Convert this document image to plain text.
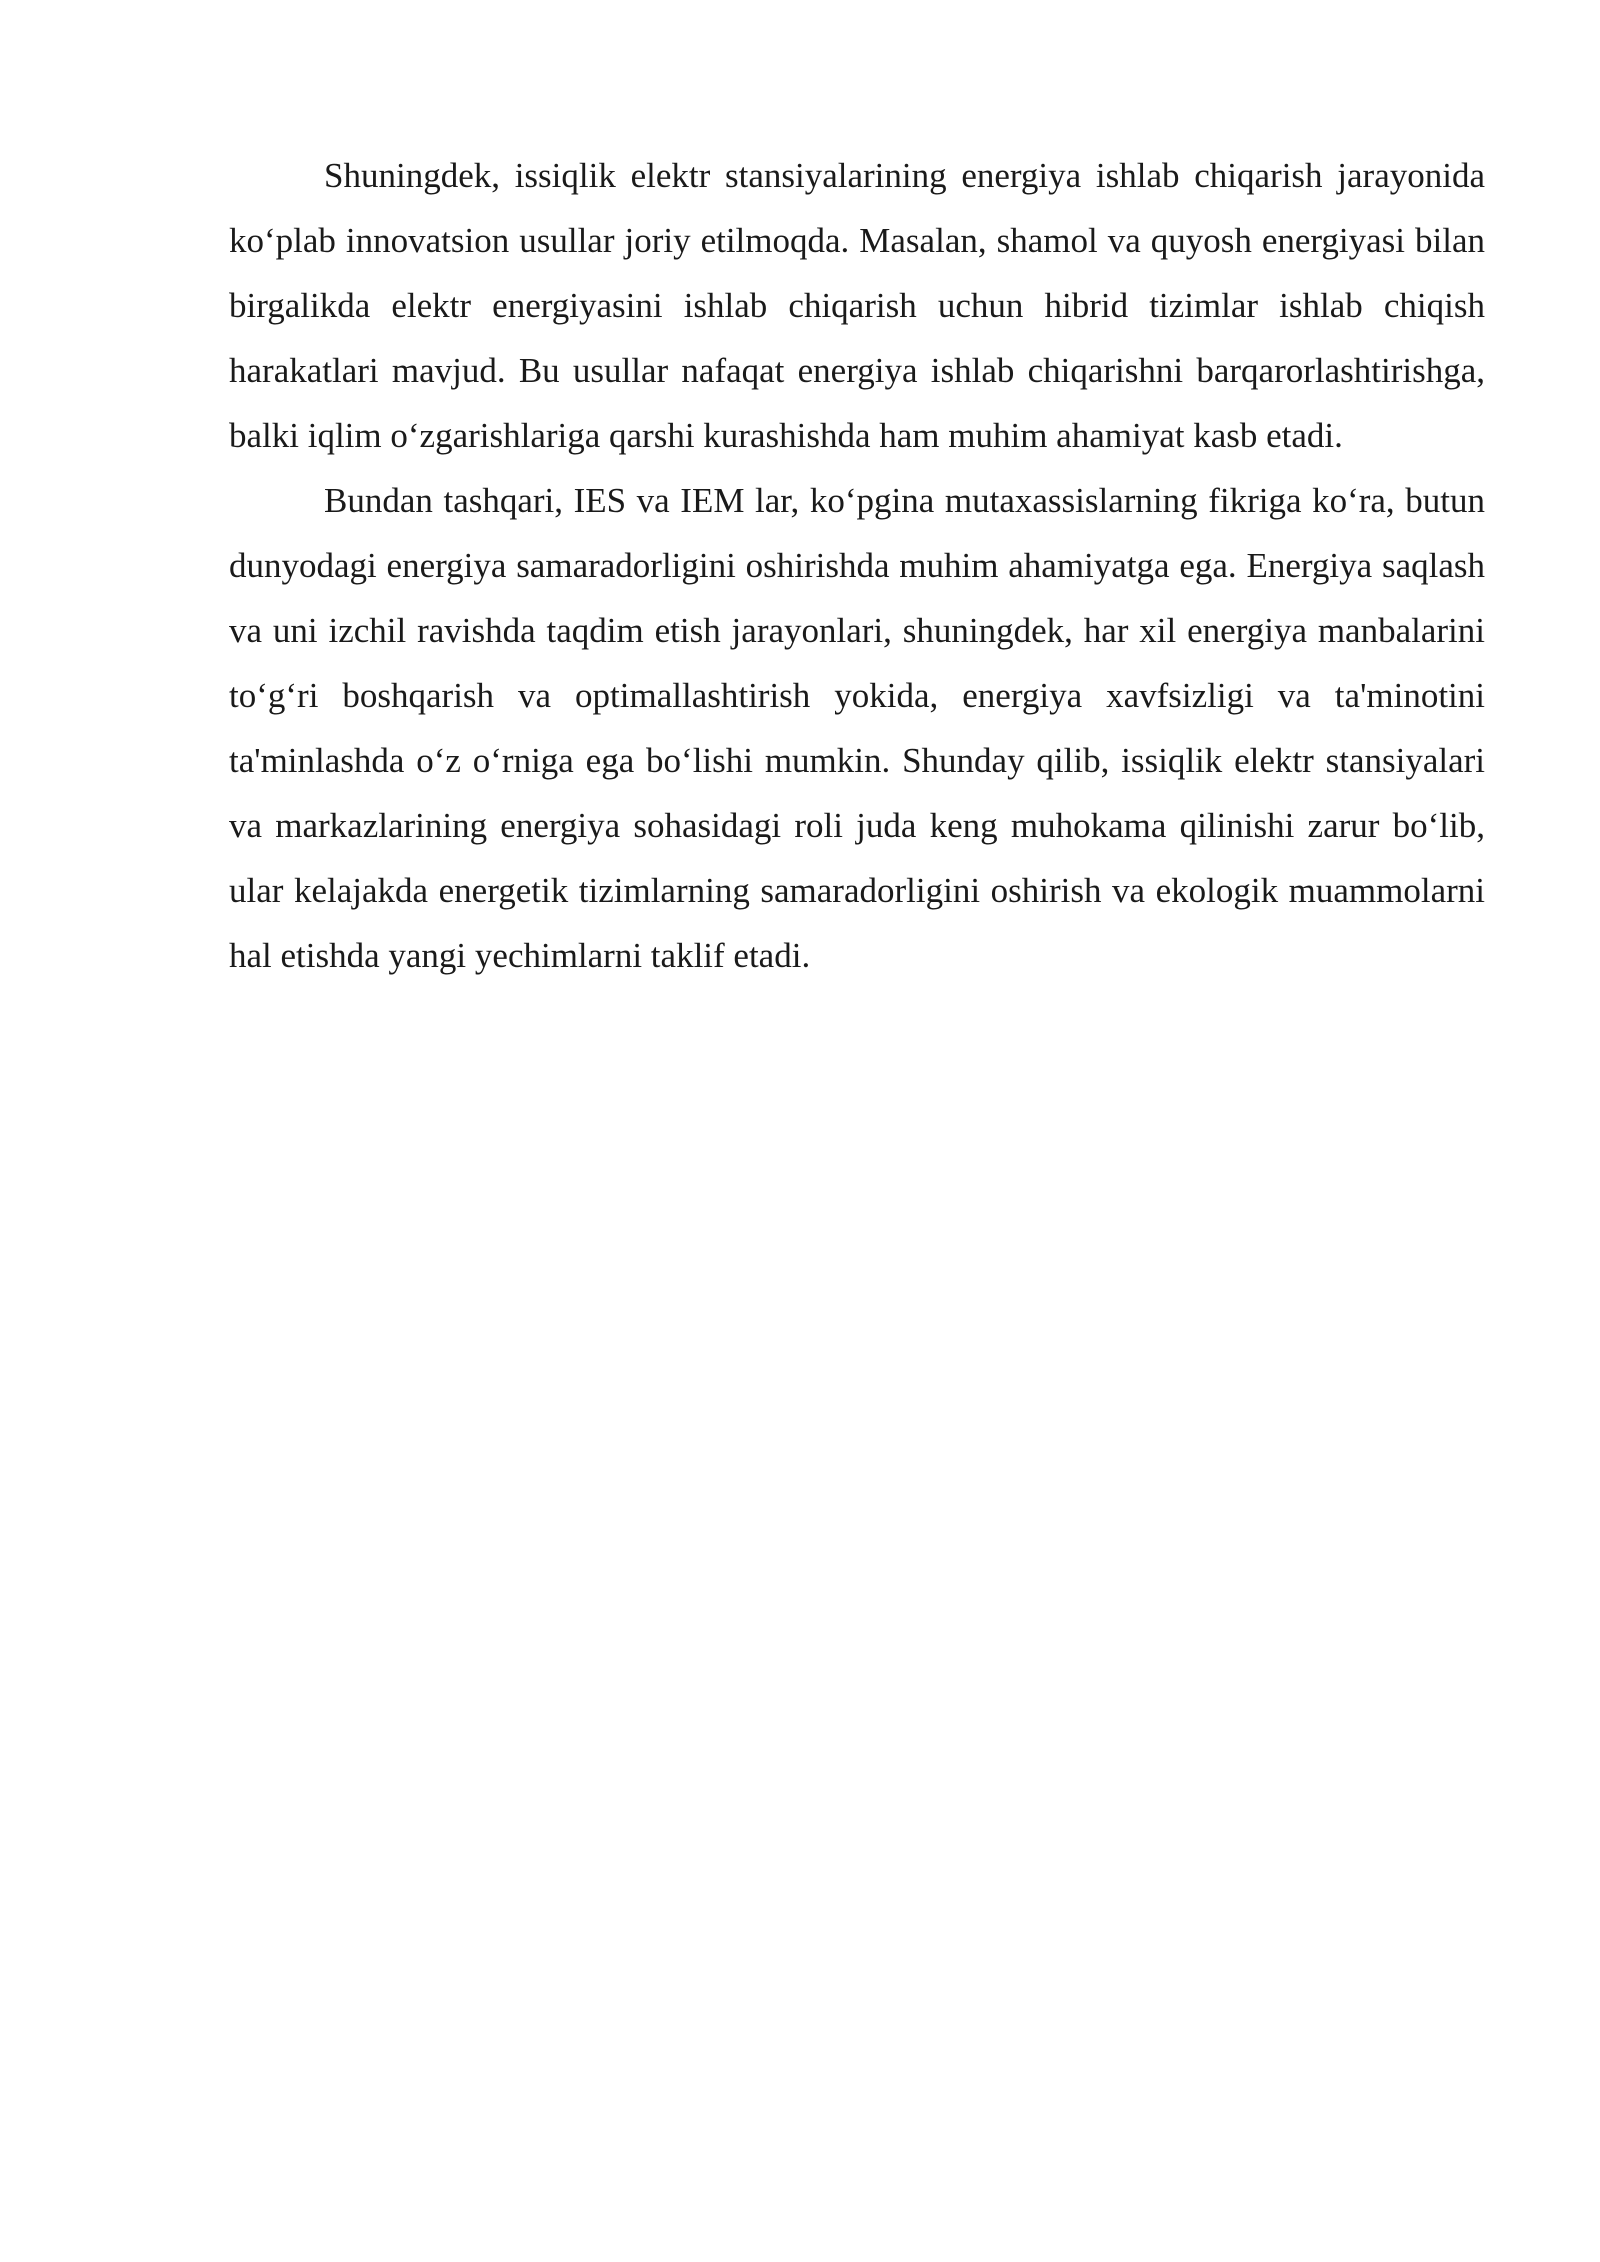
Shuningdek, issiqlik elektr stansiyalarining energiya ishlab chiqarish jarayonida ko‘plab innovatsion usullar joriy etilmoqda. Masalan, shamol va quyosh energiyasi bilan birgalikda elektr energiyasini ishlab chiqarish uchun hibrid tizimlar ishlab chiqish harakatlari mavjud. Bu usullar nafaqat energiya ishlab chiqarishni barqarorlashtirishga, balki iqlim o‘zgarishlariga qarshi kurashishda ham muhim ahamiyat kasb etadi.

Bundan tashqari, IES va IEM lar, ko‘pgina mutaxassislarning fikriga ko‘ra, butun dunyodagi energiya samaradorligini oshirishda muhim ahamiyatga ega. Energiya saqlash va uni izchil ravishda taqdim etish jarayonlari, shuningdek, har xil energiya manbalarini to‘g‘ri boshqarish va optimallashtirish yokida, energiya xavfsizligi va ta'minotini ta'minlashda o‘z o‘rniga ega bo‘lishi mumkin. Shunday qilib, issiqlik elektr stansiyalari va markazlarining energiya sohasidagi roli juda keng muhokama qilinishi zarur bo‘lib, ular kelajakda energetik tizimlarning samaradorligini oshirish va ekologik muammolarni hal etishda yangi yechimlarni taklif etadi.
